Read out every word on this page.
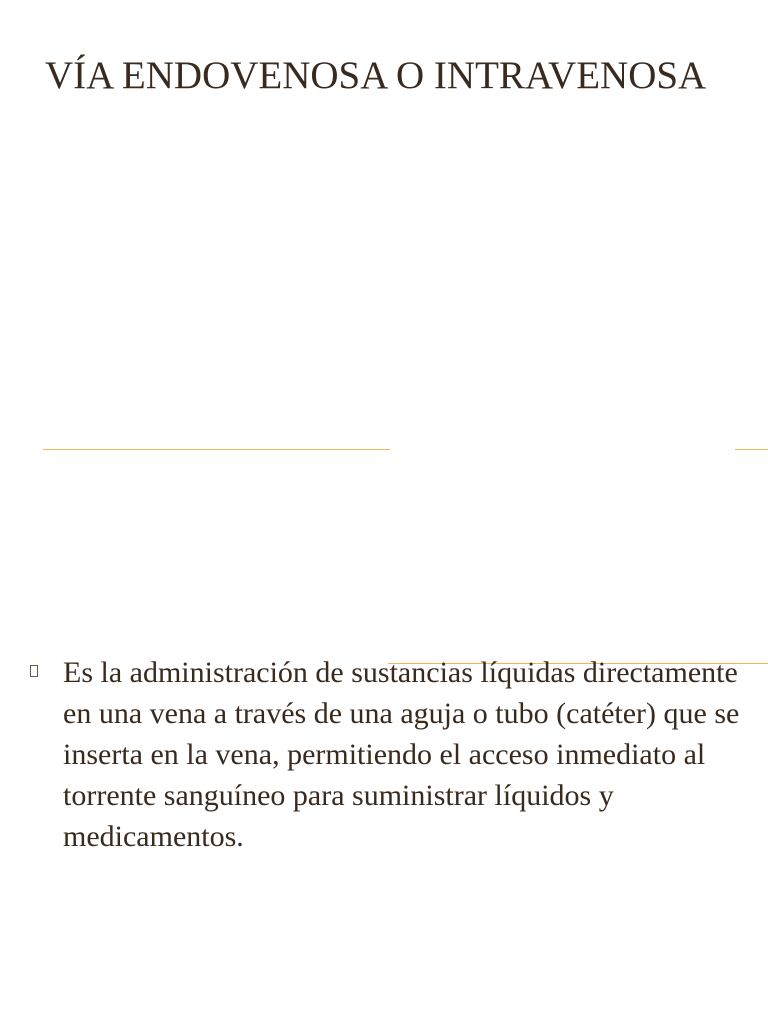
VÍA ENDOVENOSA O INTRAVENOSA

Es la administración de sustancias líquidas directamente en una vena a través de una aguja o tubo (catéter) que se inserta en la vena, permitiendo el acceso inmediato al torrente sanguíneo para suministrar líquidos y medicamentos.
